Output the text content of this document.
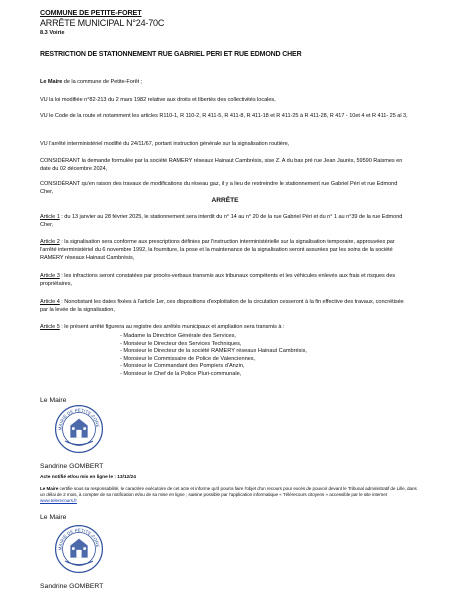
COMMUNE DE PETITE-FORET
ARRÊTE MUNICIPAL N°24-70C
8.3 Voirie
RESTRICTION DE STATIONNEMENT RUE GABRIEL PERI ET RUE EDMOND CHER
Le Maire de la commune de Petite-Forêt ;
VU la loi modifiée n°82-213 du 2 mars 1982 relative aux droits et libertés des collectivités locales,
VU le Code de la route et notamment les articles R110-1, R 110-2, R 411-5, R 411-8, R 411-18 et R 411-25 à R 411-28, R 417 - 10et 4 et R 411- 25 al 3,
VU l'arrêté interministériel modifié du 24/11/67, portant instruction générale sur la signalisation routière,
CONSIDÉRANT la demande formulée par la société RAMERY réseaux Hainaut Cambrésis, sise Z. A du bas pré rue Jean Jaurès, 59590 Raismes en date du 02 décembre 2024,
CONSIDÉRANT qu'en raison des travaux de modifications du réseau gaz, il y a lieu de restreindre le stationnement rue Gabriel Péri et rue Edmond Cher,
ARRÊTE
Article 1 : du 13 janvier au 28 février 2025, le stationnement sera interdit du n° 14 au n° 20 de la rue Gabriel Péri et du n° 1 au n°39 de la rue Edmond Cher,
Article 2 : la signalisation sera conforme aux prescriptions définies par l'instruction interministérielle sur la signalisation temporaire, approuvées par l'arrêté interministériel du 6 novembre 1992, la fourniture, la pose et la maintenance de la signalisation seront assurées par les soins de la société RAMERY réseaux Hainaut Cambrésis,
Article 3 : les infractions seront constatées par procès-verbaux transmis aux tribunaux compétents et les véhicules enlevés aux frais et risques des propriétaires,
Article 4 : Nonobstant les dates fixées à l'article 1er, ces dispositions d'exploitation de la circulation cesseront à la fin effective des travaux, concrétisée par la levée de la signalisation,
Article 5 : le présent arrêté figurera au registre des arrêtés municipaux et ampliation sera transmis à :
- Madame la Directrice Générale des Services,
- Monsieur le Directeur des Services Techniques,
- Monsieur le Directeur de la société RAMERY réseaux Hainaut Cambrésis,
- Monsieur le Commissaire de Police de Valenciennes,
- Monsieur le Commandant des Pompiers d'Anzin,
- Monsieur le Chef de la Police Pluri-communale,
Le Maire
MAIRIE DE PETITE-FORE
Sandrine GOMBERT
Acte notifié et/ou mis en ligne le : 13/12/24
Le Maire certifie sous sa responsabilité, le caractère exécutoire de cet acte et informe qu'il pourra faire l'objet d'un recours pour excès de pouvoir devant le Tribunal administratif de Lille, dans un délai de 2 mois, à compter de sa notification et/ou de sa mise en ligne ; saisine possible par l'application informatique « Télérecours citoyens » accessible par le site internet www.telerecours.fr
Le Maire
MAIRIE DE PETITE-FORE
Sandrine GOMBERT
